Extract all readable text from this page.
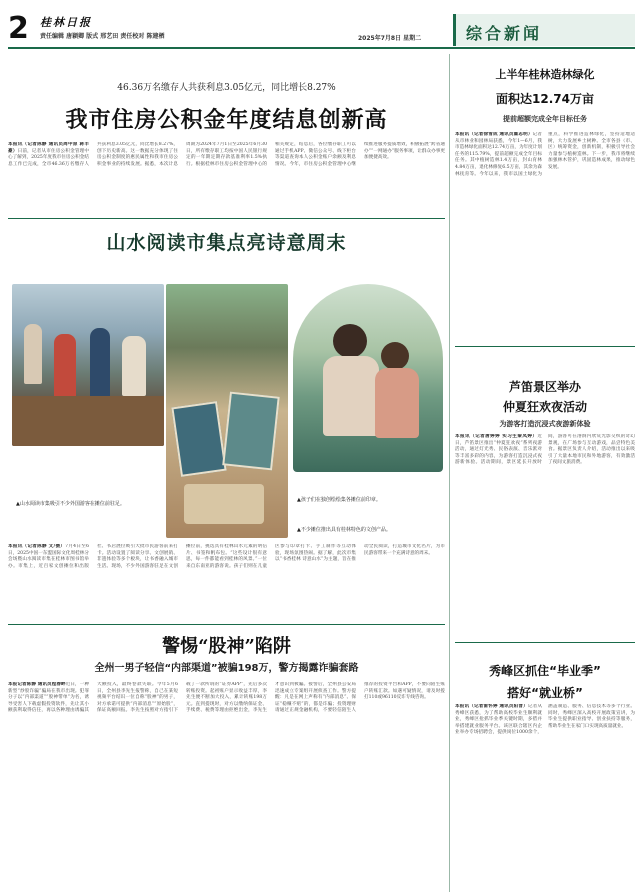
2 桂林日报
责任编辑 唐颖卿 版式 邢艺田 责任校对 陈建栖	2025年7月8日 星期二	综合新闻
46.36万名缴存人共获利息3.05亿元，同比增长8.27%
我市住房公积金年度结息创新高
本报讯（记者陈静 通讯员周中原 蒋丰豪）日前，记者从市住房公积金管理中心了解到，2025年度我市住房公积金结息工作已完成，全市46.36万名缴存人共获利息3.05亿元，同比增长8.27%，创下历史新高。这一数据充分体现了住房公积金制度的惠民属性和我市住房公积金事业的持续发展。据悉，本次计息周期为2024年7月1日至2025年6月30日，所有缴存职工均按中国人民银行规定的一年期定期存款基准利率1.5%执行。根据桂林市住房公积金管理中心的相关规定，结息后，各位缴存职工可以通过手机APP、微信公众号、线下柜台等渠道查询本人公积金账户余额及利息情况。今年，市住房公积金管理中心继续推进服务提质增效，积极拓展“跨省通办”“一网通办”服务事项，让群众办事更加便捷高效。
山水阅读市集点亮诗意周末
▲山水阅读市集吸引不少外国游客在摊位前驻足。
▲孩子们在独创绘绘集各摊位前印章。
▲不少摊位推出具有桂林特色的文创产品。
本报讯（记者陈静 文/摄）7月4日至6日，2025中国一东盟国际文化周桂林分会场暨山水阅读市集在桂林市图书馆举办。市集上，近百家文创摊位和出版社、书店展位吸引大批市民游客前来打卡。活动设置了阅读分享、文创展销、非遗体验等多个板块，让书香融入城市生活。现场，不少外国游客驻足在文创摊位前，挑选具有桂林山水元素的明信片、书签和帆布包。“这些设计很有意思，每一件都能看到桂林的风景。”一位来自东南亚的游客说。孩子们则在儿童区参与印章打卡、手工制作等互动体验，现场氛围热闹。据了解，此次市集以“书香桂林 诗意山水”为主题，旨在推动全民阅读，打造城市文化名片，为市民游客带来一个充满诗意的周末。
警惕“股神”陷阱
全州一男子轻信“内部渠道”被骗198万，警方揭露诈骗套路
本报记者陈静 通讯员程春畔近日，一种新型“炒股诈骗”骗局在我市出现。犯罪分子以“内部渠道”“股神带单”为名，诱导受害人下载虚假投资软件，先让其小额获利取得信任，再以各种理由诱骗其大额投入，最终卷款失联。今年5月6日，全州县李先生报警称，自己在某短视频平台结识一位自称“股神”的男子，对方承诺可提供“内部消息”“原始股”，保证高额回报。李先生按照对方指引下载了一款所谓的“证券APP”，先后多次转账投资。起初账户显示收益丰厚，李先生便不断加大投入，累计转账198万元。直到提现时，对方以缴纳保证金、手续费、税费等理由拒绝出金，李先生才意识到被骗。接警后，全州县公安局迅速成立专案组开展侦查工作。警方提醒：凡是在网上声称有“内部消息”、保证“稳赚不赔”的，都是诈骗；投资理财请通过正规金融机构，不要轻信陌生人推荐的投资平台和APP，不要向陌生账户转账汇款。如遇可疑情况，请及时拨打110或96110反诈专线咨询。
上半年桂林造林绿化
面积达12.74万亩
提前超额完成全年目标任务
本报讯（记者徐雪成 通讯员霍志明）记者从市林业和园林局获悉，今年1—6月，我市造林绿化面积达12.74万亩，为年度计划任务的115.79%，提前超额完成全年目标任务。其中植树造林1.4万亩，封山育林4.84万亩，退化林修复6.5万亩，其余为森林抚育等。今年以来，我市以国土绿化为重点，科学推进造林绿化，坚持适地适树，大力发展乡土树种。全市各县（市、区）统筹资金，创新机制，积极引导社会力量参与植树造林。下一步，我市将继续加强林木管护，巩固造林成果，推动绿色发展。
芦笛景区举办
仲夏狂欢夜活动
为游客打造沉浸式夜游新体验
本报讯（记者唐婷婷 实习生秦凤婷）近日，芦笛景区推出“仲夏狂欢夜”系列夜游活动，通过灯光秀、民俗表演、音乐派对等丰富多彩的内容，为游客打造沉浸式夜游新体验。活动期间，景区延长开放时间，游客可在溶洞内欣赏光影交织的奇幻景观，在广场参与互动游戏，品尝特色美食。据景区负责人介绍，活动推出以来吸引了大量本地市民和外地游客，有效激活了夜间文旅消费。
秀峰区抓住“毕业季”
搭好“就业桥”
本报讯（记者雷怀婷 通讯员阳晋）记者从秀峰区获悉，为了帮助高校毕业生顺利就业，秀峰区抢抓毕业季关键时期，多措并举搭建就业服务平台。该区联合辖区内企业举办专场招聘会，提供岗位1000余个，涵盖制造、服务、信息技术等多个行业。同时，秀峰区深入高校开展政策宣讲，为毕业生提供职业指导、创业扶持等服务，帮助毕业生在家门口实现高质量就业。
